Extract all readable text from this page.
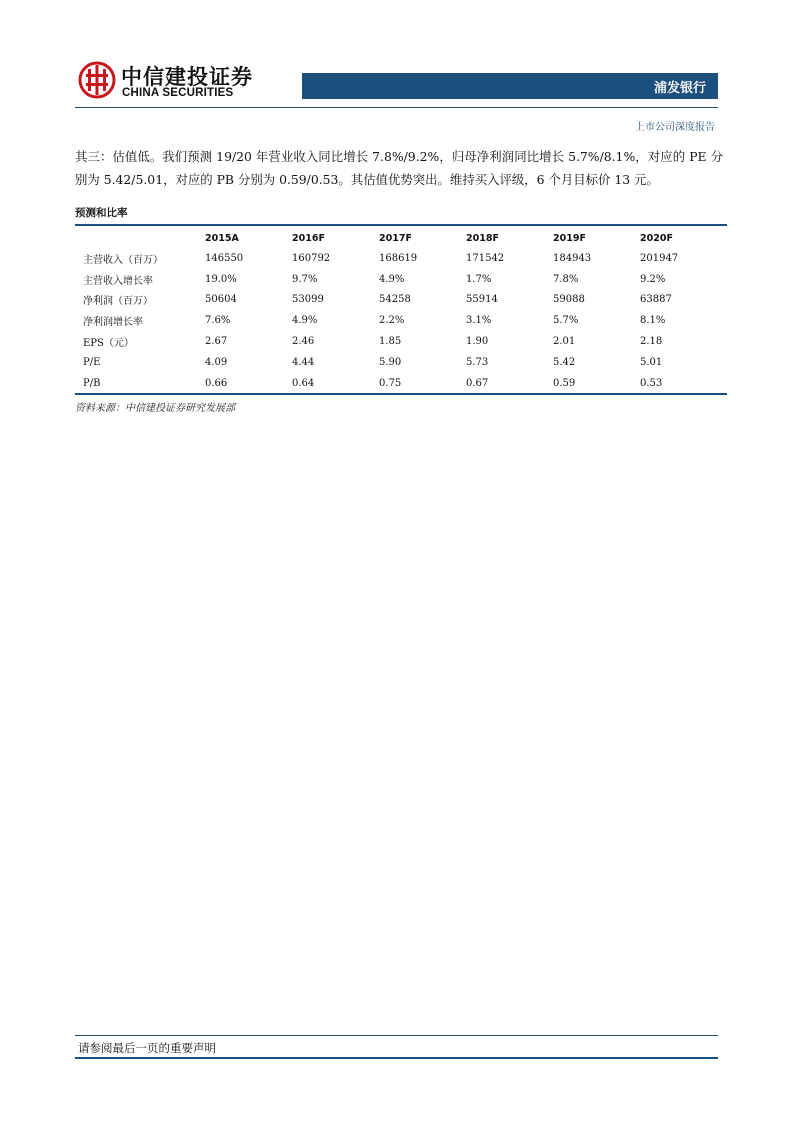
中信建投证券
CHINA SECURITIES	浦发银行
上市公司深度报告
其三：估值低。我们预测 19/20 年营业收入同比增长 7.8%/9.2%，归母净利润同比增长 5.7%/8.1%，对应的 PE 分别为 5.42/5.01，对应的 PB 分别为 0.59/0.53。其估值优势突出。维持买入评级，6 个月目标价 13 元。
预测和比率
	2015A	2016F	2017F	2018F	2019F	2020F
主营收入（百万）	146550	160792	168619	171542	184943	201947
主营收入增长率	19.0%	9.7%	4.9%	1.7%	7.8%	9.2%
净利润（百万）	50604	53099	54258	55914	59088	63887
净利润增长率	7.6%	4.9%	2.2%	3.1%	5.7%	8.1%
EPS（元）	2.67	2.46	1.85	1.90	2.01	2.18
P/E	4.09	4.44	5.90	5.73	5.42	5.01
P/B	0.66	0.64	0.75	0.67	0.59	0.53
资料来源：中信建投证券研究发展部
请参阅最后一页的重要声明
